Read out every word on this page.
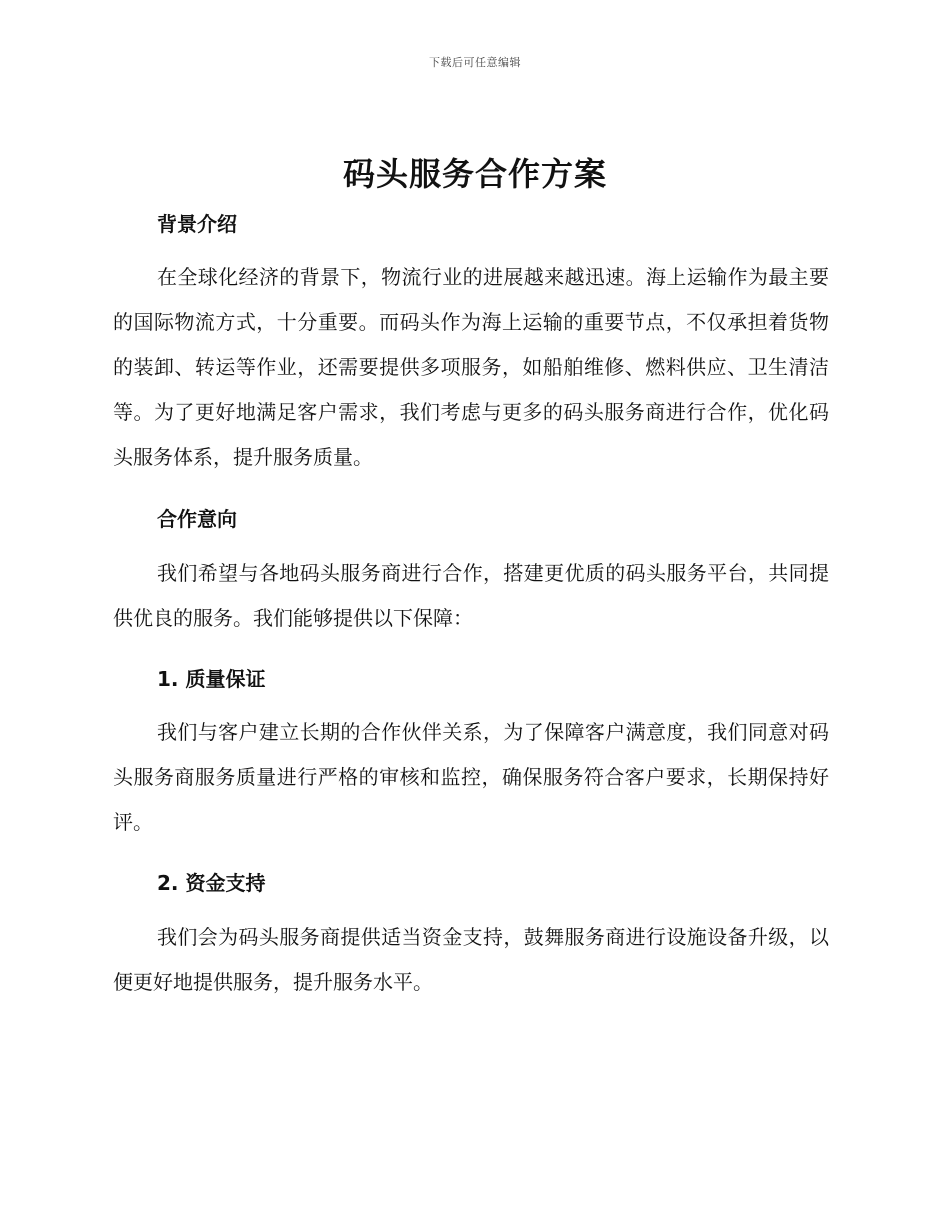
下载后可任意编辑
码头服务合作方案
背景介绍

在全球化经济的背景下，物流行业的进展越来越迅速。海上运输作为最主要的国际物流方式，十分重要。而码头作为海上运输的重要节点，不仅承担着货物的装卸、转运等作业，还需要提供多项服务，如船舶维修、燃料供应、卫生清洁等。为了更好地满足客户需求，我们考虑与更多的码头服务商进行合作，优化码头服务体系，提升服务质量。

合作意向

我们希望与各地码头服务商进行合作，搭建更优质的码头服务平台，共同提供优良的服务。我们能够提供以下保障：

1. 质量保证

我们与客户建立长期的合作伙伴关系，为了保障客户满意度，我们同意对码头服务商服务质量进行严格的审核和监控，确保服务符合客户要求，长期保持好评。

2. 资金支持

我们会为码头服务商提供适当资金支持，鼓舞服务商进行设施设备升级，以便更好地提供服务，提升服务水平。
